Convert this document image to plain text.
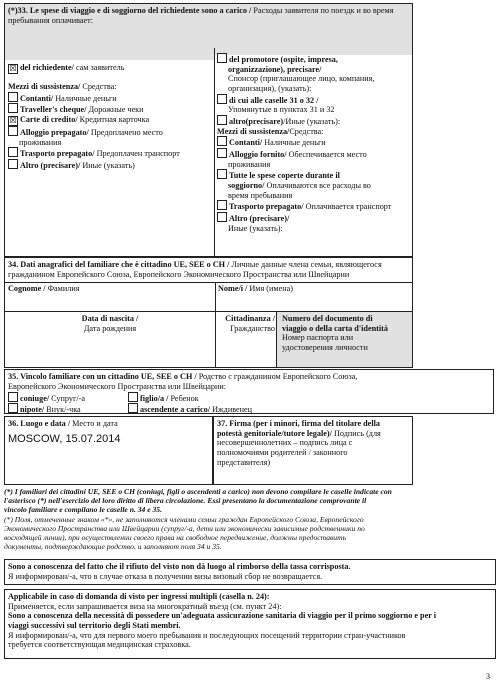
(*)33. Le spese di viaggio e di soggiorno del richiedente sono a carico / Расходы заявителя по поездк и во время пребывания оплачивает:
☒ del richiedente/ сам заявитель
Mezzi di sussistenza/ Средства:
Contanti/ Наличные деньги
Traveller's cheque/ Дорожные чеки
☒ Carte di credito/ Кредитная карточка
Alloggio prepagato/ Предоплачено место
проживания
Trasporto prepagato/ Предоплачен транспорт
Altro (precisare)/ Иные (указать)
del promotore (ospite, impresa,
organizzazione), precisare/
Спонсор (приглашающее лицо, компания,
организация), (указать):
di cui alle caselle 31 o 32 /
Упомянутые в пунктах 31 и 32
altro(precisare)/Иные (указать):
Mezzi di sussistenza/Средства:
Contanti/ Наличные деньги
Alloggio fornito/ Обеспечивается место
проживания
Tutte le spese coperte durante il
soggiorno/ Оплачиваются все расходы во
время пребывания
Trasporto prepagato/ Оплачивается транспорт
Altro (precisare)/
Иные (указать):
34. Dati anagrafici del familiare che è cittadino UE, SEE o CH / Личные данные члена семьи, являющегося гражданином Европейского Союза, Европейского Экономического Пространства или Швейцарии
Cognome / Фамилия	Nome/i / Имя (имена)
Data di nascita /
Дата рождения
Cittadinanza /
Гражданство
Numero del documento di
viaggio o della carta d'identità
Номер паспорта или
удостоверения личности
35. Vincolo familiare con un cittadino UE, SEE o CH / Родство с гражданином Европейского Союза,
Европейского Экономического Пространства или Швейцарии:
coniuge/ Супруг/-а	figlio/a / Ребенок
nipote/ Внук/-чка	ascendente a carico/ Иждивенец
36. Luogo e data / Место и дата
MOSCOW, 15.07.2014
37. Firma (per i minori, firma del titolare della
potestà genitoriale/tutore legale)/ Подпись (для
несовершеннолетних – подпись лица с
полномочиями родителей / законного
представителя)
(*) I familiari dei cittadini UE, SEE o CH (coniugi, figli o ascendenti a carico) non devono compilare le caselle indicate con
l'asterisco (*) nell'esercizio del loro diritto di libera circolazione. Essi presentano la documentazione comprovante il
vincolo familiare e compilano le caselle n. 34 e 35.
(*) Поля, отмеченные знаком «*», не заполняются членами семьи граждан Европейского Союза, Европейского
Экономического Пространства или Швейцарии (супруг/-а, дети или экономически зависимые родственники по
восходящей линии), при осуществлении своего права на свободное передвижение, должны предоставить
документы, подтверждающие родство, и заполняют поля 34 и 35.
Sono a conoscenza del fatto che il rifiuto del visto non dà luogo al rimborso della tassa corrisposta.
Я информирован/-а, что в случае отказа в получении визы визовый сбор не возвращается.
Applicabile in caso di domanda di visto per ingressi multipli (casella n. 24):
Применяется, если запрашивается виза на многократный въезд (см. пункт 24):
Sono a conoscenza della necessità di possedere un'adeguata assicurazione sanitaria di viaggio per il primo soggiorno e per i
viaggi successivi sul territorio degli Stati membri.
Я информирован/-а, что для первого моего пребывания и последующих посещений территории стран-участников
требуется соответствующая медицинская страховка.
3
